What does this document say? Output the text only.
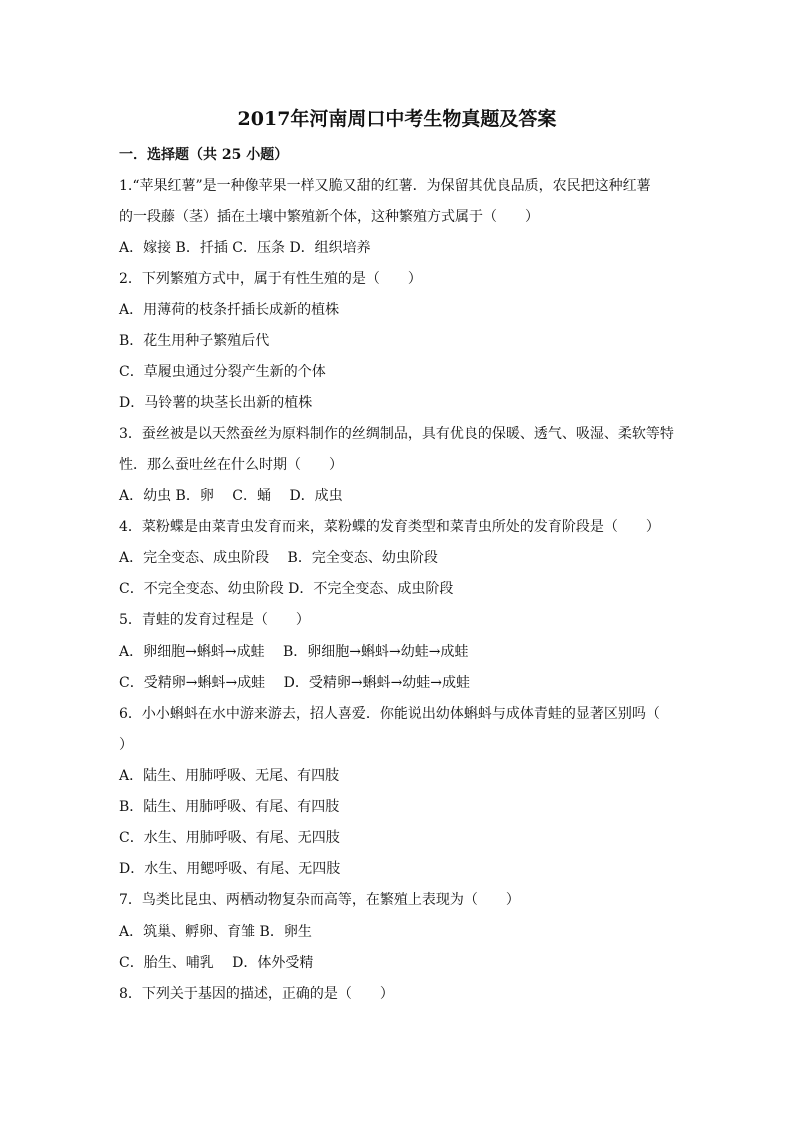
2017年河南周口中考生物真题及答案
一．选择题（共 25 小题）
1.“苹果红薯”是一种像苹果一样又脆又甜的红薯．为保留其优良品质，农民把这种红薯
的一段藤（茎）插在土壤中繁殖新个体，这种繁殖方式属于（　　）
A．嫁接 B．扦插 C．压条 D．组织培养
2．下列繁殖方式中，属于有性生殖的是（　　）
A．用薄荷的枝条扦插长成新的植株
B．花生用种子繁殖后代
C．草履虫通过分裂产生新的个体
D．马铃薯的块茎长出新的植株
3．蚕丝被是以天然蚕丝为原料制作的丝绸制品，具有优良的保暖、透气、吸湿、柔软等特
性．那么蚕吐丝在什么时期（　　）
A．幼虫 B．卵　 C．蛹　 D．成虫
4．菜粉蝶是由菜青虫发育而来，菜粉蝶的发育类型和菜青虫所处的发育阶段是（　　）
A．完全变态、成虫阶段　 B．完全变态、幼虫阶段
C．不完全变态、幼虫阶段 D．不完全变态、成虫阶段
5．青蛙的发育过程是（　　）
A．卵细胞→蝌蚪→成蛙　 B．卵细胞→蝌蚪→幼蛙→成蛙
C．受精卵→蝌蚪→成蛙　 D．受精卵→蝌蚪→幼蛙→成蛙
6．小小蝌蚪在水中游来游去，招人喜爱．你能说出幼体蝌蚪与成体青蛙的显著区别吗（
）
A．陆生、用肺呼吸、无尾、有四肢
B．陆生、用肺呼吸、有尾、有四肢
C．水生、用肺呼吸、有尾、无四肢
D．水生、用鳃呼吸、有尾、无四肢
7．鸟类比昆虫、两栖动物复杂而高等，在繁殖上表现为（　　）
A．筑巢、孵卵、育雏 B．卵生
C．胎生、哺乳　 D．体外受精
8．下列关于基因的描述，正确的是（　　）
